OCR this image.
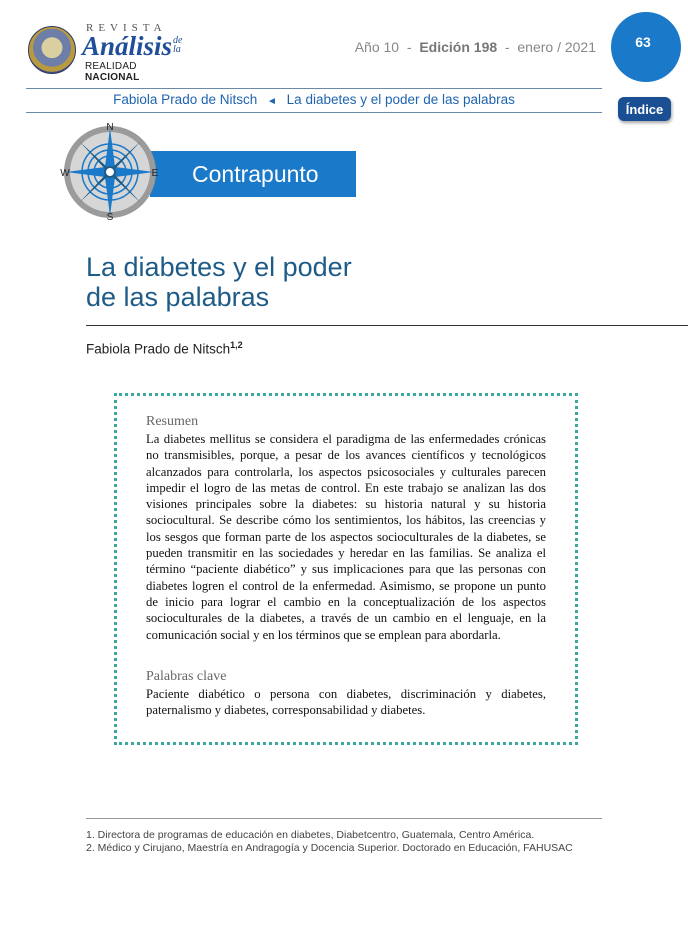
REVISTA
Análisis de la
REALIDAD NACIONAL
Año 10 - Edición 198 - enero / 2021	63
Fabiola Prado de Nitsch ◄ La diabetes y el poder de las palabras
Índice
Contrapunto
N
S
E
W
La diabetes y el poder
de las palabras
Fabiola Prado de Nitsch$^{1,2}$
Resumen
La diabetes mellitus se considera el paradigma de las enfermedades crónicas no transmisibles, porque, a pesar de los avances científicos y tecnológicos alcanzados para controlarla, los aspectos psicosociales y culturales parecen impedir el logro de las metas de control. En este trabajo se analizan las dos visiones principales sobre la diabetes: su historia natural y su historia sociocultural. Se describe cómo los sentimientos, los hábitos, las creencias y los sesgos que forman parte de los aspectos socioculturales de la diabetes, se pueden transmitir en las sociedades y heredar en las familias. Se analiza el término “paciente diabético” y sus implicaciones para que las personas con diabetes logren el control de la enfermedad. Asimismo, se propone un punto de inicio para lograr el cambio en la conceptualización de los aspectos socioculturales de la diabetes, a través de un cambio en el lenguaje, en la comunicación social y en los términos que se emplean para abordarla.
Palabras clave
Paciente diabético o persona con diabetes, discriminación y diabetes, paternalismo y diabetes, corresponsabilidad y diabetes.
1. Directora de programas de educación en diabetes, Diabetcentro, Guatemala, Centro América.
2. Médico y Cirujano, Maestría en Andragogía y Docencia Superior. Doctorado en Educación, FAHUSAC
